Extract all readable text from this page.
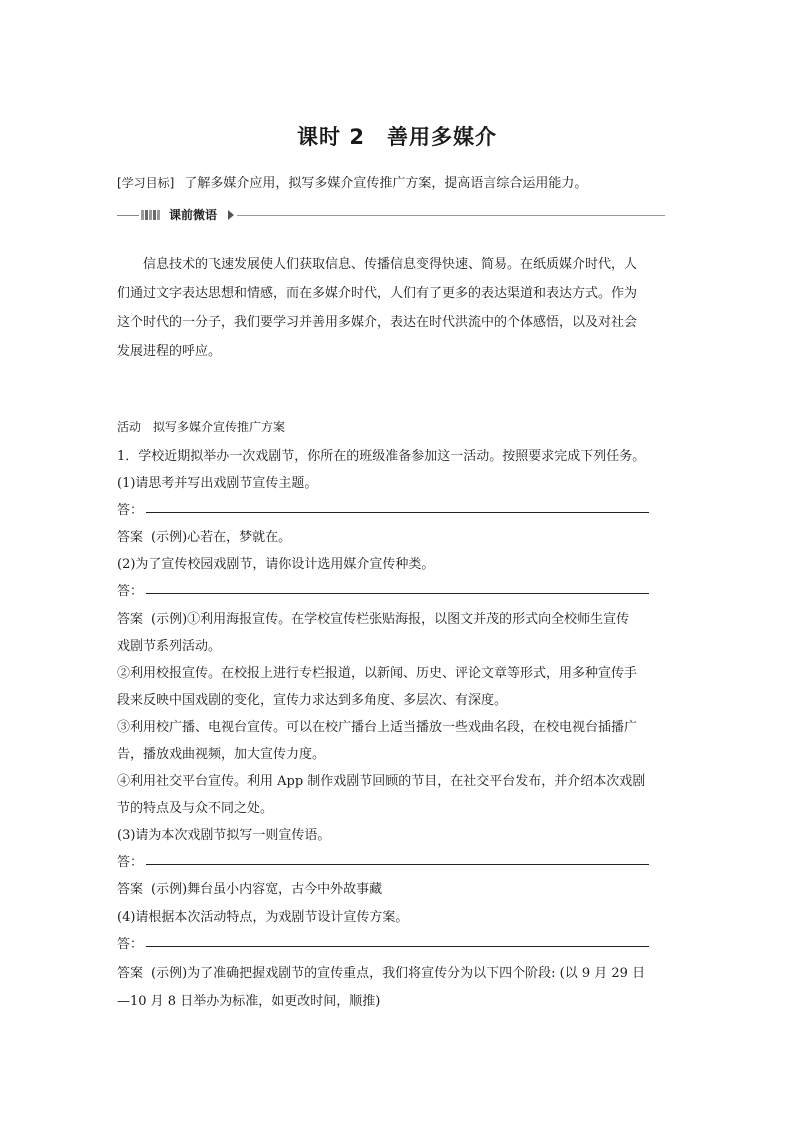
课时 2　善用多媒介
[学习目标] 了解多媒介应用，拟写多媒介宣传推广方案，提高语言综合运用能力。
课前微语
信息技术的飞速发展使人们获取信息、传播信息变得快速、简易。在纸质媒介时代，人
们通过文字表达思想和情感，而在多媒介时代，人们有了更多的表达渠道和表达方式。作为
这个时代的一分子，我们要学习并善用多媒介，表达在时代洪流中的个体感悟，以及对社会
发展进程的呼应。
活动　拟写多媒介宣传推广方案
1．学校近期拟举办一次戏剧节，你所在的班级准备参加这一活动。按照要求完成下列任务。
(1)请思考并写出戏剧节宣传主题。
答：
答案 (示例)心若在，梦就在。
(2)为了宣传校园戏剧节，请你设计选用媒介宣传种类。
答：
答案 (示例)①利用海报宣传。在学校宣传栏张贴海报，以图文并茂的形式向全校师生宣传
戏剧节系列活动。
②利用校报宣传。在校报上进行专栏报道，以新闻、历史、评论文章等形式，用多种宣传手
段来反映中国戏剧的变化，宣传力求达到多角度、多层次、有深度。
③利用校广播、电视台宣传。可以在校广播台上适当播放一些戏曲名段，在校电视台插播广
告，播放戏曲视频，加大宣传力度。
④利用社交平台宣传。利用 App 制作戏剧节回顾的节目，在社交平台发布，并介绍本次戏剧
节的特点及与众不同之处。
(3)请为本次戏剧节拟写一则宣传语。
答：
答案 (示例)舞台虽小内容宽，古今中外故事藏
(4)请根据本次活动特点，为戏剧节设计宣传方案。
答：
答案 (示例)为了准确把握戏剧节的宣传重点，我们将宣传分为以下四个阶段: (以 9 月 29 日
—10 月 8 日举办为标准，如更改时间，顺推)
